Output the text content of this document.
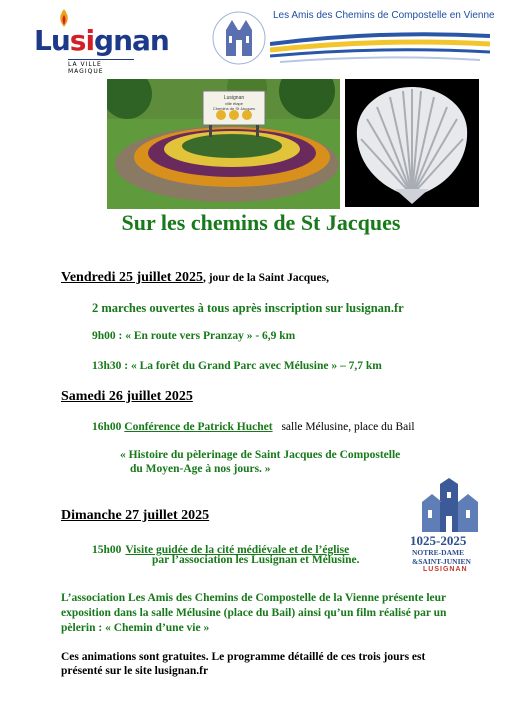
Lusignan
LA VILLE MAGIQUE
Les Amis des Chemins de Compostelle en Vienne
Lusignan
ville étape
Chemins de St Jacques
Sur les chemins de St Jacques
Vendredi 25 juillet 2025, jour de la Saint Jacques,
2 marches ouvertes à tous après inscription sur lusignan.fr
9h00 : « En route vers Pranzay » - 6,9 km
13h30 : « La forêt du Grand Parc avec Mélusine » – 7,7 km
Samedi 26 juillet 2025
16h00 Conférence de Patrick Huchet salle Mélusine, place du Bail
« Histoire du pèlerinage de Saint Jacques de Compostelle
du Moyen-Age à nos jours. »
Dimanche 27 juillet 2025
15h00 Visite guidée de la cité médiévale et de l’église
par l’association les Lusignan et Mélusine.
1025-2025
NOTRE-DAME
&SAINT-JUNIEN
LUSIGNAN
L’association Les Amis des Chemins de Compostelle de la Vienne présente leur
exposition dans la salle Mélusine (place du Bail) ainsi qu’un film réalisé par un
pèlerin : « Chemin d’une vie »
Ces animations sont gratuites. Le programme détaillé de ces trois jours est
présenté sur le site lusignan.fr
